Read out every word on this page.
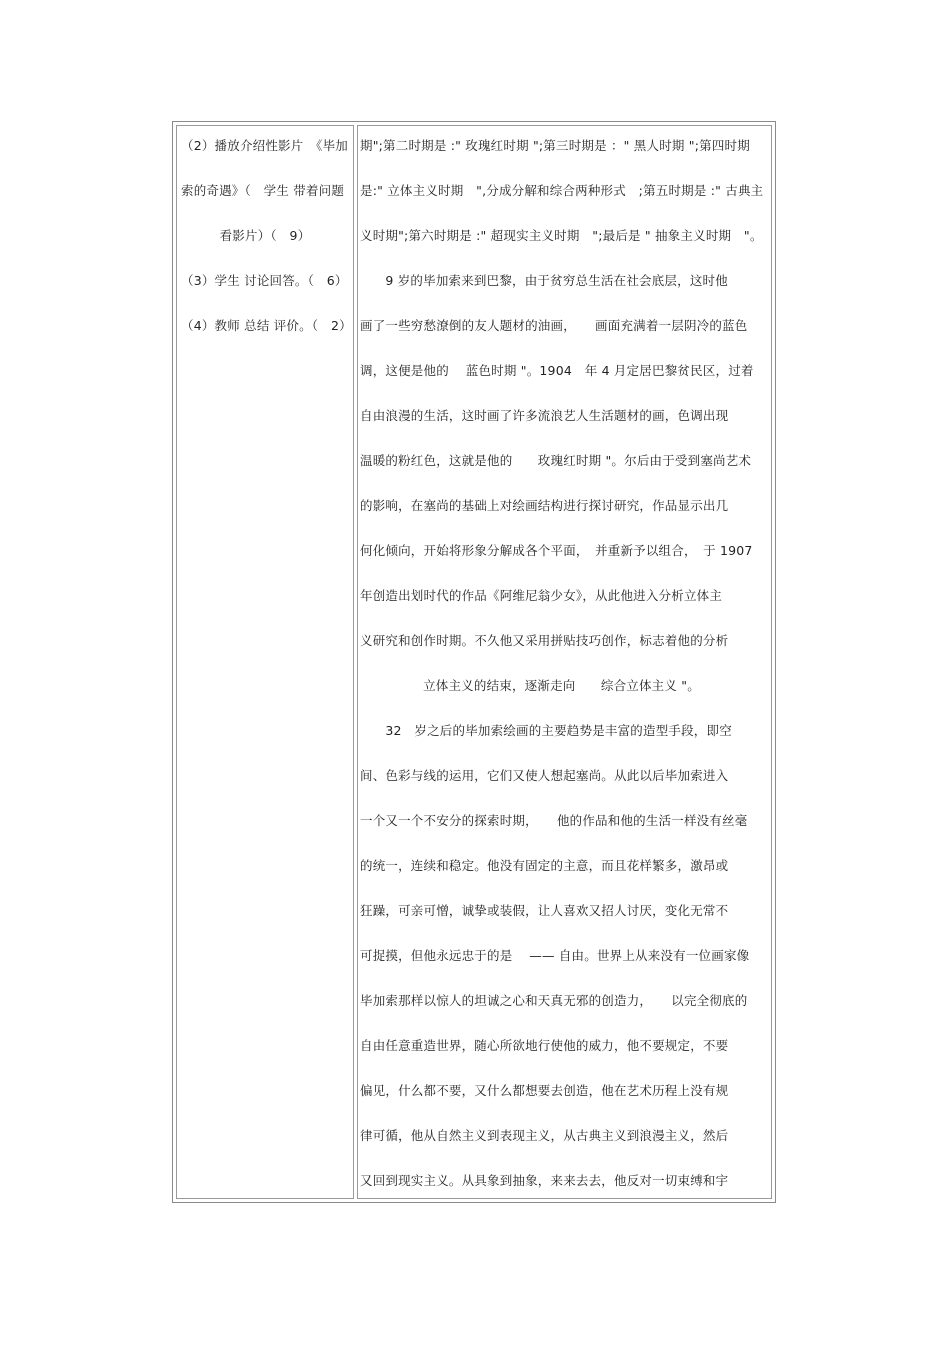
（2）播放介绍性影片　《毕加
索的奇遇》（　学生 带着问题
看影片）（　9）
（3）学生 讨论回答。（　6）
（4）教师 总结 评价。（　2）
期";第二时期是 :" 玫瑰红时期 ";第三时期是 ：" 黑人时期 ";第四时期
是:" 立体主义时期　",分成分解和综合两种形式　;第五时期是 :" 古典主
义时期";第六时期是 :" 超现实主义时期　";最后是 " 抽象主义时期　"。
　　9 岁的毕加索来到巴黎，由于贫穷总生活在社会底层，这时他
画了一些穷愁潦倒的友人题材的油画，　　画面充满着一层阴冷的蓝色
调，这便是他的　 蓝色时期 "。1904　年 4 月定居巴黎贫民区，过着
自由浪漫的生活，这时画了许多流浪艺人生活题材的画，色调出现
温暖的粉红色，这就是他的　　玫瑰红时期 "。尔后由于受到塞尚艺术
的影响，在塞尚的基础上对绘画结构进行探讨研究，作品显示出几
何化倾向，开始将形象分解成各个平面，　并重新予以组合，　于 1907
年创造出划时代的作品《阿维尼翁少女》，从此他进入分析立体主
义研究和创作时期。不久他又采用拼贴技巧创作，标志着他的分析
立体主义的结束，逐渐走向　　综合立体主义 "。
　　32　岁之后的毕加索绘画的主要趋势是丰富的造型手段，即空
间、色彩与线的运用，它们又使人想起塞尚。从此以后毕加索进入
一个又一个不安分的探索时期，　　他的作品和他的生活一样没有丝毫
的统一，连续和稳定。他没有固定的主意，而且花样繁多，激昂或
狂躁，可亲可憎，诚挚或装假，让人喜欢又招人讨厌，变化无常不
可捉摸，但他永远忠于的是　 —— 自由。世界上从来没有一位画家像
毕加索那样以惊人的坦诚之心和天真无邪的创造力，　　以完全彻底的
自由任意重造世界，随心所欲地行使他的威力，他不要规定，不要
偏见，什么都不要，又什么都想要去创造，他在艺术历程上没有规
律可循，他从自然主义到表现主义，从古典主义到浪漫主义，然后
又回到现实主义。从具象到抽象，来来去去，他反对一切束缚和宇
